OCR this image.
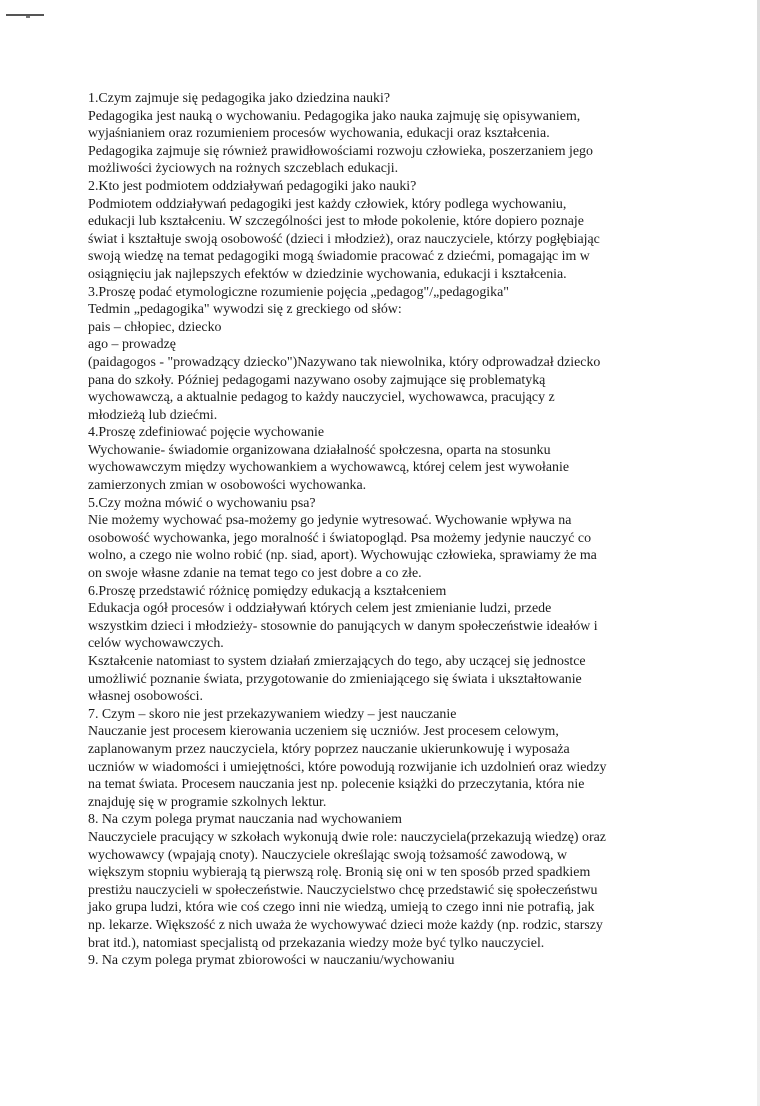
1.Czym zajmuje się pedagogika jako dziedzina nauki?
Pedagogika jest nauką o wychowaniu. Pedagogika jako nauka zajmuję się opisywaniem,
wyjaśnianiem oraz rozumieniem procesów wychowania, edukacji oraz kształcenia.
Pedagogika zajmuje się również prawidłowościami rozwoju człowieka, poszerzaniem jego
możliwości życiowych na rożnych szczeblach edukacji.
2.Kto jest podmiotem oddziaływań pedagogiki jako nauki?
Podmiotem oddziaływań pedagogiki jest każdy człowiek, który podlega wychowaniu,
edukacji lub kształceniu. W szczególności jest to młode pokolenie, które dopiero poznaje
świat i kształtuje swoją osobowość (dzieci i młodzież), oraz nauczyciele, którzy pogłębiając
swoją wiedzę na temat pedagogiki mogą świadomie pracować z dziećmi, pomagając im w
osiągnięciu jak najlepszych efektów w dziedzinie wychowania, edukacji i kształcenia.
3.Proszę podać etymologiczne rozumienie pojęcia „pedagog"/„pedagogika"
Tedmin „pedagogika" wywodzi się z greckiego od słów:
pais – chłopiec, dziecko
ago – prowadzę
(paidagogos - "prowadzący dziecko")Nazywano tak niewolnika, który odprowadzał dziecko
pana do szkoły. Później pedagogami nazywano osoby zajmujące się problematyką
wychowawczą, a aktualnie pedagog to każdy nauczyciel, wychowawca, pracujący z
młodzieżą lub dziećmi.
4.Proszę zdefiniować pojęcie wychowanie
Wychowanie- świadomie organizowana działalność społczesna, oparta na stosunku
wychowawczym między wychowankiem a wychowawcą, której celem jest wywołanie
zamierzonych zmian w osobowości wychowanka.
5.Czy można mówić o wychowaniu psa?
Nie możemy wychować psa-możemy go jedynie wytresować. Wychowanie wpływa na
osobowość wychowanka, jego moralność i światopogląd. Psa możemy jedynie nauczyć co
wolno, a czego nie wolno robić (np. siad, aport). Wychowując człowieka, sprawiamy że ma
on swoje własne zdanie na temat tego co jest dobre a co złe.
6.Proszę przedstawić różnicę pomiędzy edukacją a kształceniem
Edukacja ogół procesów i oddziaływań których celem jest zmienianie ludzi, przede
wszystkim dzieci i młodzieży- stosownie do panujących w danym społeczeństwie ideałów i
celów wychowawczych.
Kształcenie natomiast to system działań zmierzających do tego, aby uczącej się jednostce
umożliwić poznanie świata, przygotowanie do zmieniającego się świata i ukształtowanie
własnej osobowości.
7. Czym – skoro nie jest przekazywaniem wiedzy – jest nauczanie
Nauczanie jest procesem kierowania uczeniem się uczniów. Jest procesem celowym,
zaplanowanym przez nauczyciela, który poprzez nauczanie ukierunkowuję i wyposaża
uczniów w wiadomości i umiejętności, które powodują rozwijanie ich uzdolnień oraz wiedzy
na temat świata. Procesem nauczania jest np. polecenie książki do przeczytania, która nie
znajduję się w programie szkolnych lektur.
8. Na czym polega prymat nauczania nad wychowaniem
Nauczyciele pracujący w szkołach wykonują dwie role: nauczyciela(przekazują wiedzę) oraz
wychowawcy (wpajają cnoty). Nauczyciele określając swoją tożsamość zawodową, w
większym stopniu wybierają tą pierwszą rolę. Bronią się oni w ten sposób przed spadkiem
prestiżu nauczycieli w społeczeństwie. Nauczycielstwo chcę przedstawić się społeczeństwu
jako grupa ludzi, która wie coś czego inni nie wiedzą, umieją to czego inni nie potrafią, jak
np. lekarze. Większość z nich uważa że wychowywać dzieci może każdy (np. rodzic, starszy
brat itd.), natomiast specjalistą od przekazania wiedzy może być tylko nauczyciel.
9. Na czym polega prymat zbiorowości w nauczaniu/wychowaniu
